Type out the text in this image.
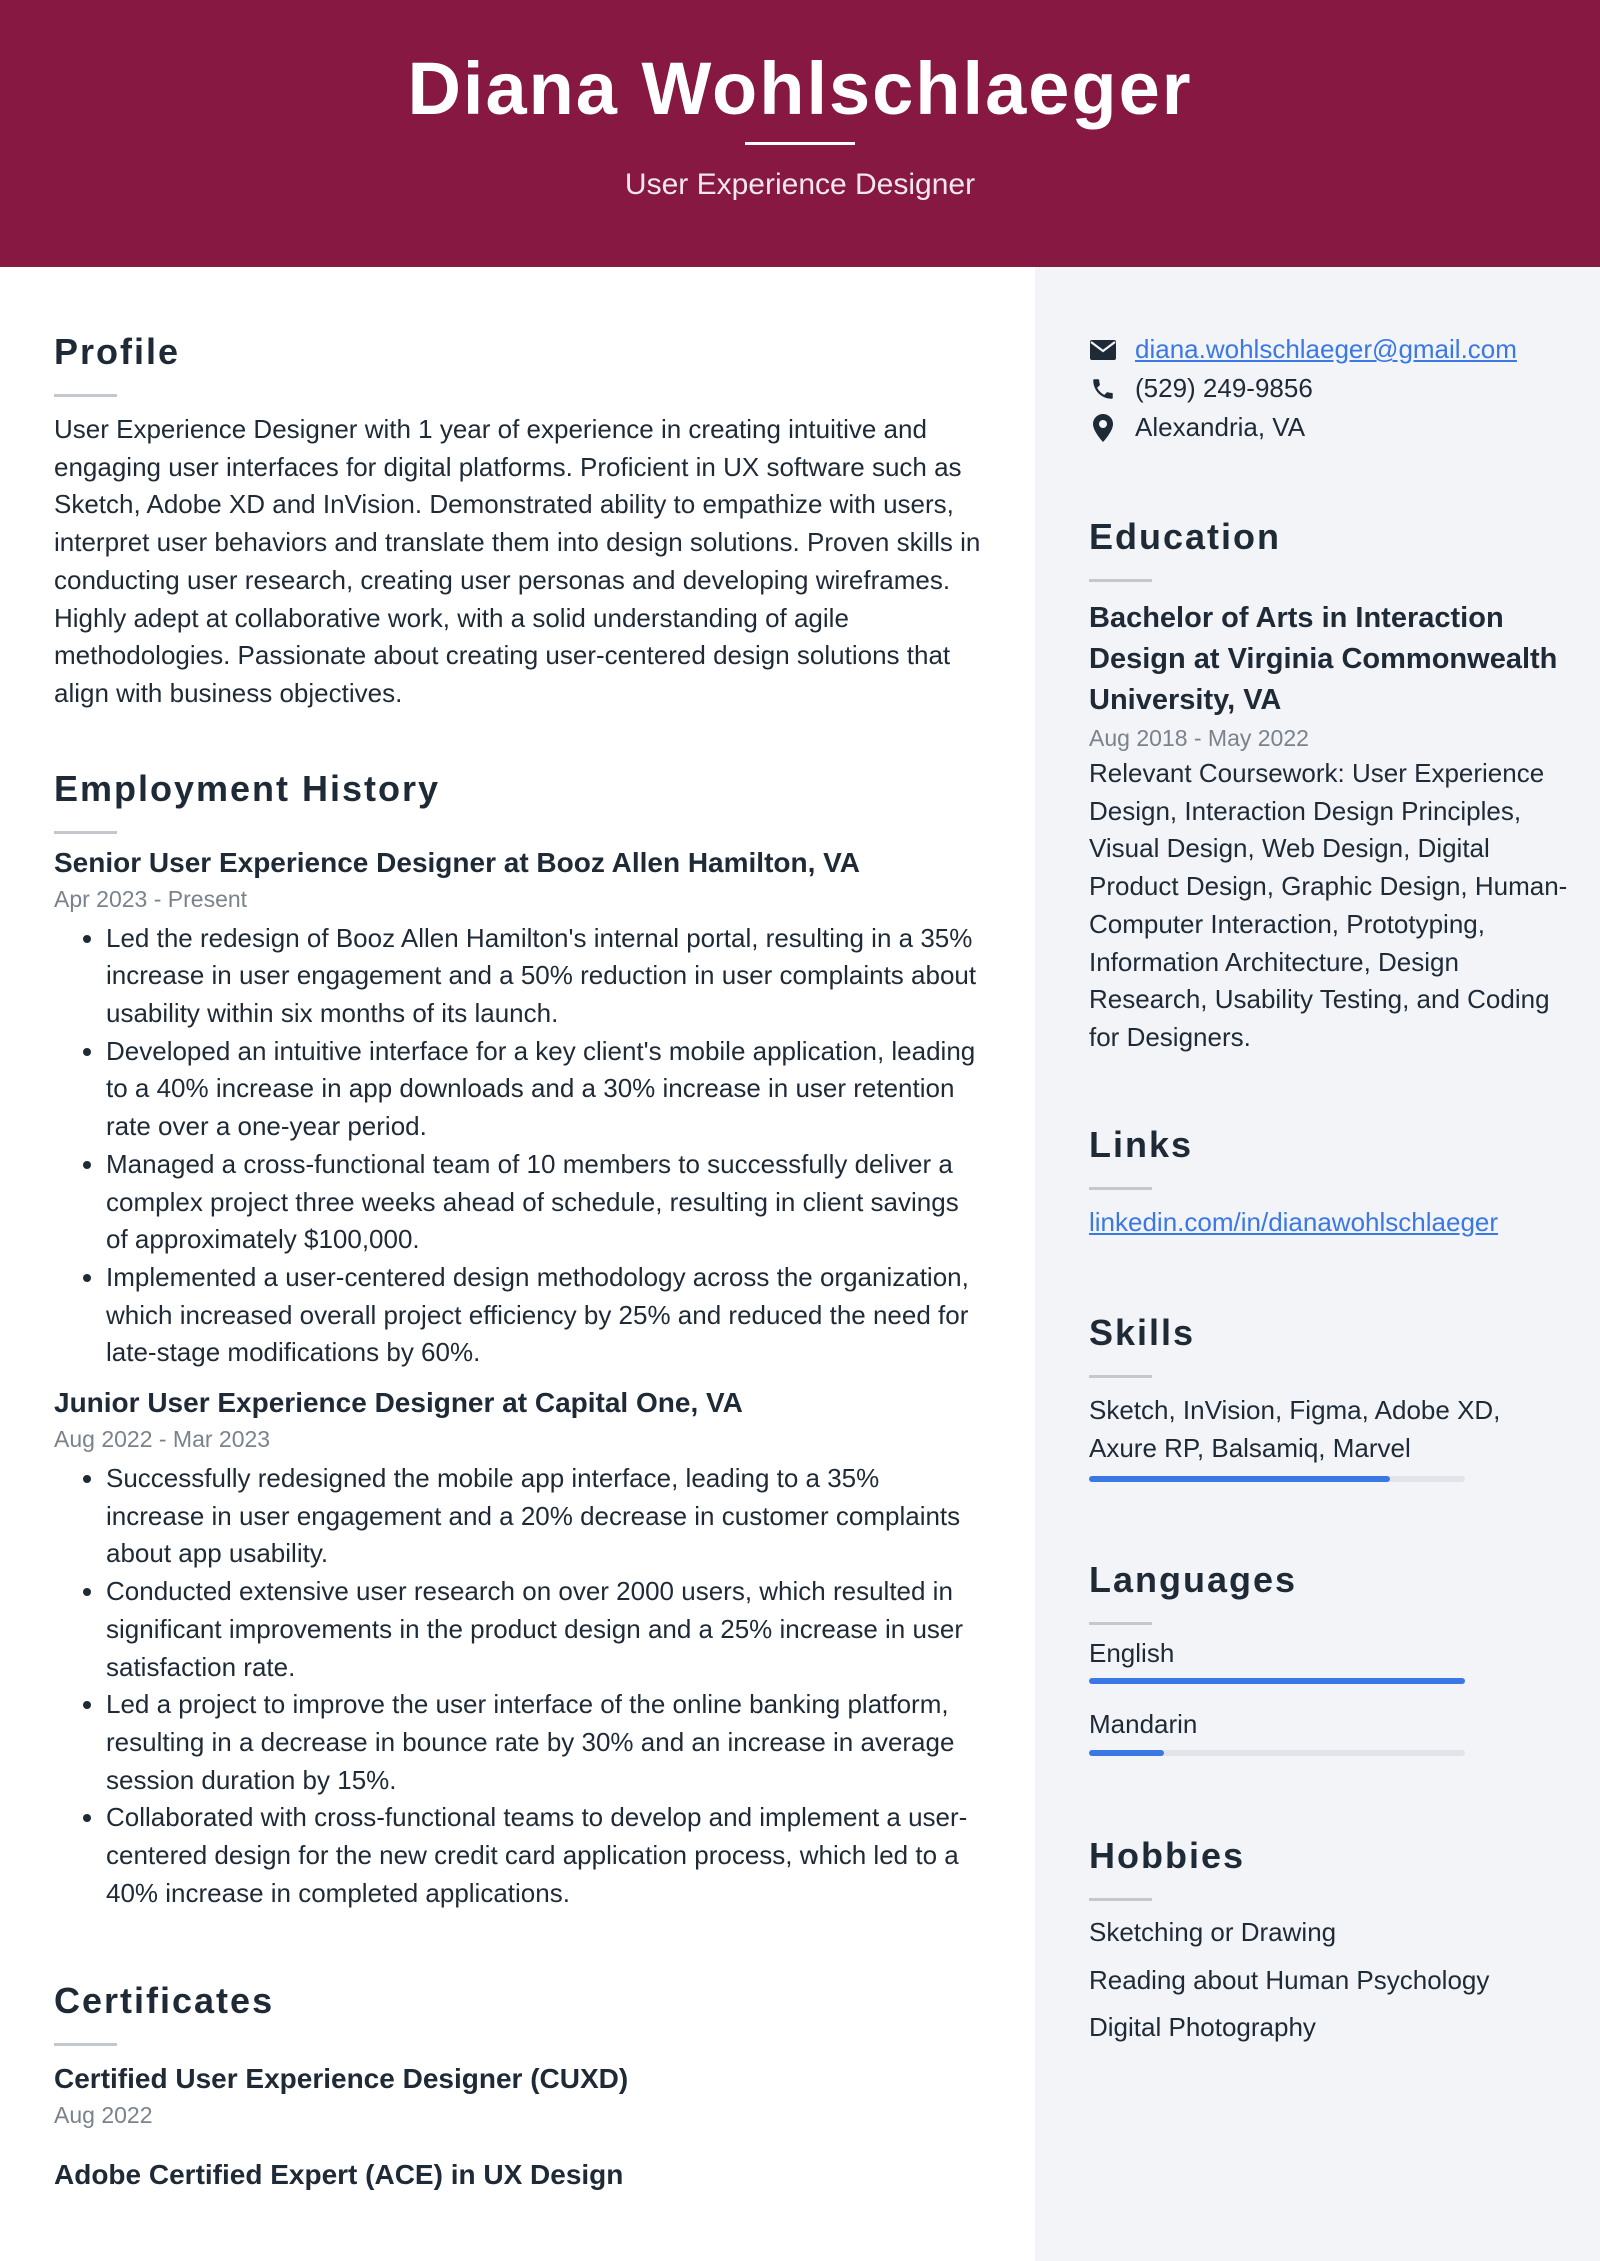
Diana Wohlschlaeger
User Experience Designer
Profile
User Experience Designer with 1 year of experience in creating intuitive and engaging user interfaces for digital platforms. Proficient in UX software such as Sketch, Adobe XD and InVision. Demonstrated ability to empathize with users, interpret user behaviors and translate them into design solutions. Proven skills in conducting user research, creating user personas and developing wireframes. Highly adept at collaborative work, with a solid understanding of agile methodologies. Passionate about creating user-centered design solutions that align with business objectives.
Employment History
Senior User Experience Designer at Booz Allen Hamilton, VA
Apr 2023 - Present
• Led the redesign of Booz Allen Hamilton's internal portal, resulting in a 35% increase in user engagement and a 50% reduction in user complaints about usability within six months of its launch.
• Developed an intuitive interface for a key client's mobile application, leading to a 40% increase in app downloads and a 30% increase in user retention rate over a one-year period.
• Managed a cross-functional team of 10 members to successfully deliver a complex project three weeks ahead of schedule, resulting in client savings of approximately $100,000.
• Implemented a user-centered design methodology across the organization, which increased overall project efficiency by 25% and reduced the need for late-stage modifications by 60%.
Junior User Experience Designer at Capital One, VA
Aug 2022 - Mar 2023
• Successfully redesigned the mobile app interface, leading to a 35% increase in user engagement and a 20% decrease in customer complaints about app usability.
• Conducted extensive user research on over 2000 users, which resulted in significant improvements in the product design and a 25% increase in user satisfaction rate.
• Led a project to improve the user interface of the online banking platform, resulting in a decrease in bounce rate by 30% and an increase in average session duration by 15%.
• Collaborated with cross-functional teams to develop and implement a user-centered design for the new credit card application process, which led to a 40% increase in completed applications.
Certificates
Certified User Experience Designer (CUXD)
Aug 2022
Adobe Certified Expert (ACE) in UX Design
diana.wohlschlaeger@gmail.com
(529) 249-9856
Alexandria, VA
Education
Bachelor of Arts in Interaction Design at Virginia Commonwealth University, VA
Aug 2018 - May 2022
Relevant Coursework: User Experience Design, Interaction Design Principles, Visual Design, Web Design, Digital Product Design, Graphic Design, Human-Computer Interaction, Prototyping, Information Architecture, Design Research, Usability Testing, and Coding for Designers.
Links
linkedin.com/in/dianawohlschlaeger
Skills
Sketch, InVision, Figma, Adobe XD, Axure RP, Balsamiq, Marvel
Languages
English
Mandarin
Hobbies
Sketching or Drawing
Reading about Human Psychology
Digital Photography
